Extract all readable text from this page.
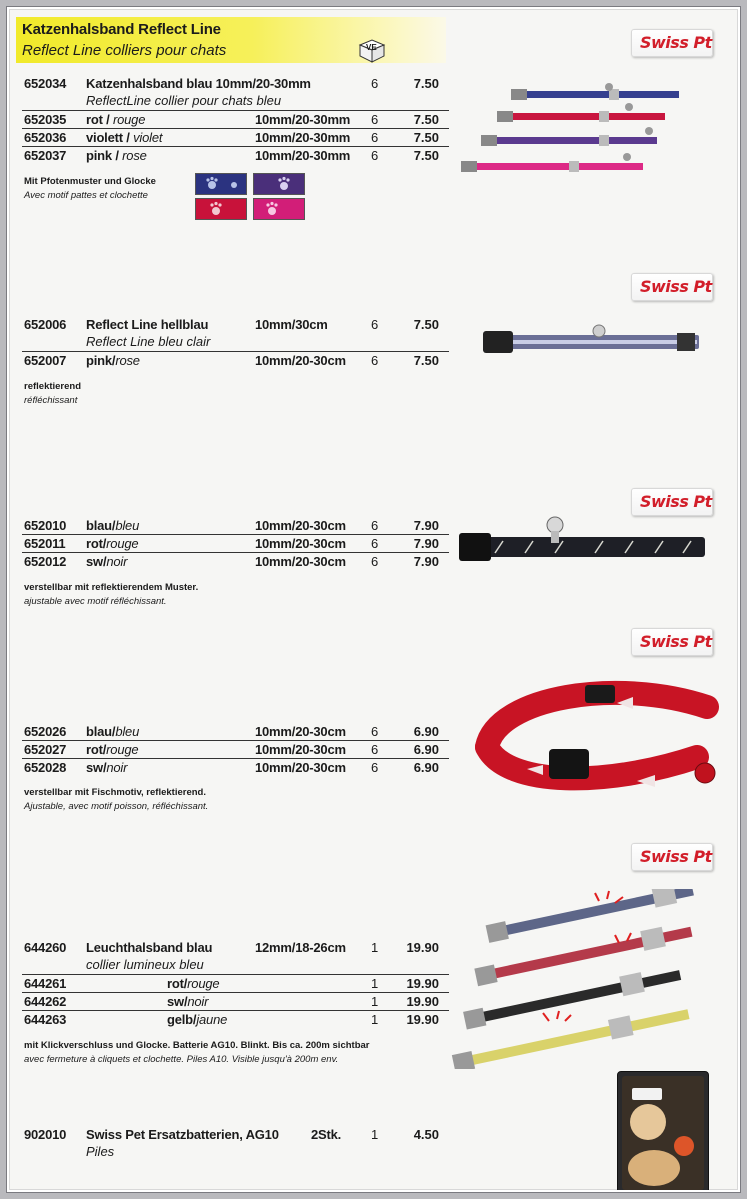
Katzenhalsband Reflect Line
Reflect Line colliers pour chats	VE
652034 Katzenhalsband blau 10mm/20-30mm	6	7.50
ReflectLine collier pour chats bleu
652035 rot / rouge	10mm/20-30mm 6	7.50
652036 violett / violet	10mm/20-30mm 6	7.50
652037 pink / rose	10mm/20-30mm 6	7.50
Mit Pfotenmuster und Glocke
Avec motif pattes et clochette
Swiss Pt
652006 Reflect Line hellblau	10mm/30cm	6	7.50
Reflect Line bleu clair
652007 pink/rose	10mm/20-30cm 6	7.50
reflektierend
réfléchissant
Swiss Pt
652010 blau/bleu	10mm/20-30cm 6	7.90
652011 rot/rouge	10mm/20-30cm 6	7.90
652012 sw/noir	10mm/20-30cm 6	7.90
verstellbar mit reflektierendem Muster.
ajustable avec motif réfléchissant.
Swiss Pt
652026 blau/bleu	10mm/20-30cm 6	6.90
652027 rot/rouge	10mm/20-30cm 6	6.90
652028 sw/noir	10mm/20-30cm 6	6.90
verstellbar mit Fischmotiv, reflektierend.
Ajustable, avec motif poisson, réfléchissant.
Swiss Pt
644260 Leuchthalsband blau	12mm/18-26cm 1	19.90
collier lumineux bleu
644261	rot/rouge	1	19.90
644262	sw/noir	1	19.90
644263	gelb/jaune	1	19.90
mit Klickverschluss und Glocke. Batterie AG10. Blinkt. Bis ca. 200m sichtbar
avec fermeture à cliquets et clochette. Piles A10. Visible jusqu'à 200m env.
Swiss Pt
902010 Swiss Pet Ersatzbatterien, AG10 2Stk. 1	4.50
Piles
